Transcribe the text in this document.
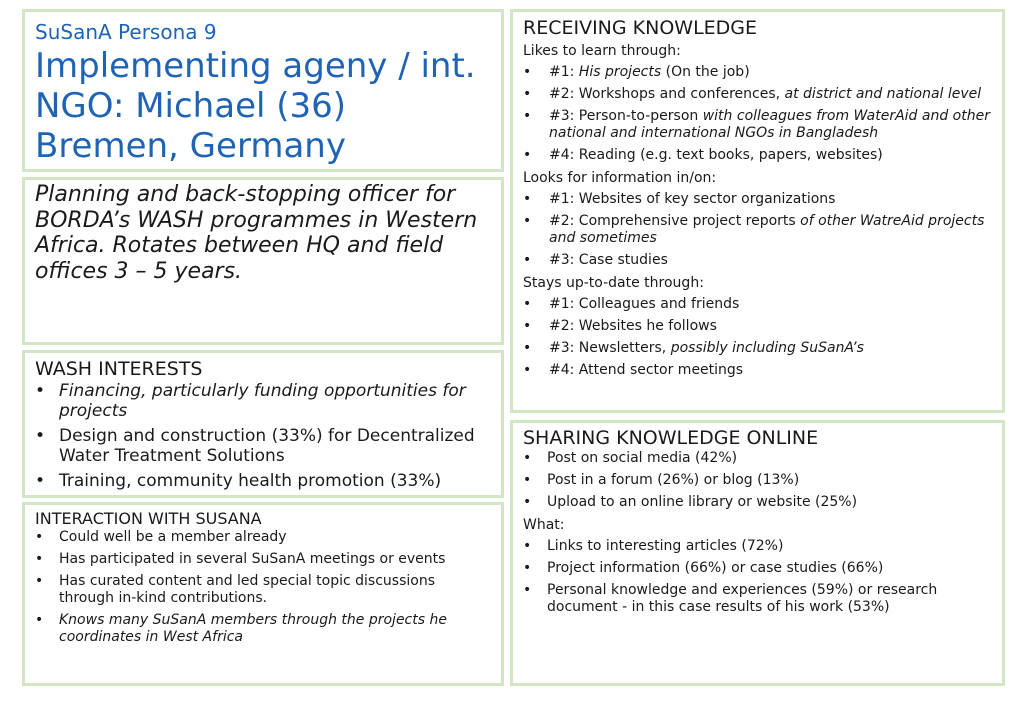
SuSanA Persona 9

Implementing ageny / int. NGO: Michael (36) Bremen, Germany

Planning and back-stopping officer for BORDA’s WASH programmes in Western Africa. Rotates between HQ and field offices 3 – 5 years.

WASH INTERESTS

• Financing, particularly funding opportunities for projects
• Design and construction (33%) for Decentralized Water Treatment Solutions
• Training, community health promotion (33%)

INTERACTION WITH SUSANA

• Could well be a member already
• Has participated in several SuSanA meetings or events
• Has curated content and led special topic discussions through in-kind contributions.
• Knows many SuSanA members through the projects he coordinates in West Africa

RECEIVING KNOWLEDGE

Likes to learn through:

• #1: His projects (On the job)
• #2: Workshops and conferences, at district and national level
• #3: Person-to-person with colleagues from WaterAid and other national and international NGOs in Bangladesh
• #4: Reading (e.g. text books, papers, websites)

Looks for information in/on:

• #1: Websites of key sector organizations
• #2: Comprehensive project reports of other WatreAid projects and sometimes
• #3: Case studies

Stays up-to-date through:

• #1: Colleagues and friends
• #2: Websites he follows
• #3: Newsletters, possibly including SuSanA’s
• #4: Attend sector meetings

SHARING KNOWLEDGE ONLINE

• Post on social media (42%)
• Post in a forum (26%) or blog (13%)
• Upload to an online library or website (25%)

What:

• Links to interesting articles (72%)
• Project information (66%) or case studies (66%)
• Personal knowledge and experiences (59%) or research document - in this case results of his work (53%)
